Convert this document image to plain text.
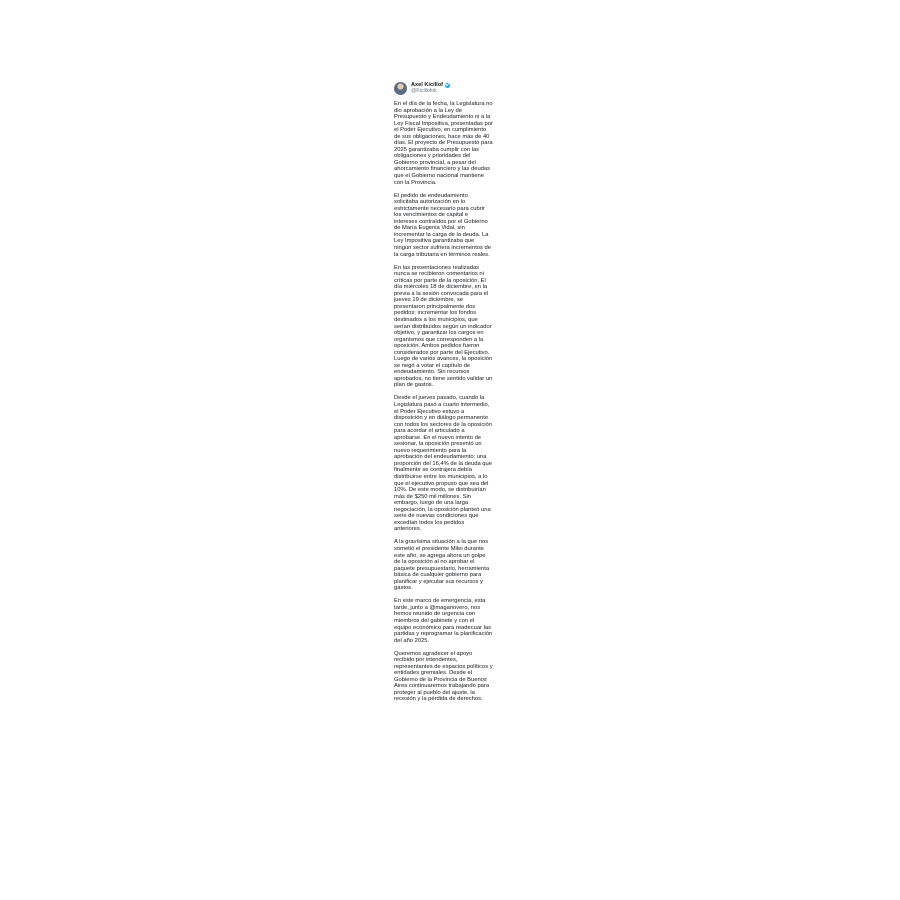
Axel Kicillof
@Kicillofok

En el día de la fecha, la Legislatura no
dio aprobación a la Ley de
Presupuesto y Endeudamiento ni a la
Ley Fiscal Impositiva, presentadas por
el Poder Ejecutivo, en cumplimiento
de sus obligaciones, hace más de 40
días. El proyecto de Presupuesto para
2025 garantizaba cumplir con las
obligaciones y prioridades del
Gobierno provincial, a pesar del
ahorcamiento financiero y las deudas
que el Gobierno nacional mantiene
con la Provincia.

El pedido de endeudamiento
solicitaba autorización en lo
estrictamente necesario para cubrir
los vencimientos de capital e
intereses contraídos por el Gobierno
de María Eugenia Vidal, sin
incrementar la carga de la deuda. La
Ley Impositiva garantizaba que
ningún sector sufriera incrementos de
la carga tributaria en términos reales.

En las presentaciones realizadas
nunca se recibieron comentarios ni
críticas por parte de la oposición. El
día miércoles 18 de diciembre, en la
previa a la sesión convocada para el
jueves 19 de diciembre, se
presentaron principalmente dos
pedidos: incrementar los fondos
destinados a los municipios, que
serían distribuidos según un indicador
objetivo, y garantizar los cargos en
organismos que corresponden a la
oposición. Ambos pedidos fueron
considerados por parte del Ejecutivo.
Luego de varios avances, la oposición
se negó a votar el capítulo de
endeudamiento. Sin recursos
aprobados, no tiene sentido validar un
plan de gastos.

Desde el jueves pasado, cuando la
Legislatura pasó a cuarto intermedio,
el Poder Ejecutivo estuvo a
disposición y en diálogo permanente
con todos los sectores de la oposición
para acordar el articulado a
aprobarse. En el nuevo intento de
sesionar, la oposición presentó un
nuevo requerimiento para la
aprobación del endeudamiento: una
proporción del 16,4% de la deuda que
finalmente se contrajera debía
distribuirse entre los municipios, a lo
que el ejecutivo propuso que sea del
10%. De este modo, se distribuirían
más de $250 mil millones. Sin
embargo, luego de una larga
negociación, la oposición planteó una
serie de nuevas condiciones que
excedían todos los pedidos
anteriores.

A la gravísima situación a la que nos
sometió el presidente Milei durante
este año, se agrega ahora un golpe
de la oposición al no aprobar el
paquete presupuestario, herramienta
básica de cualquier gobierno para
planificar y ejecutar sus recursos y
gastos.

En este marco de emergencia, esta
tarde, junto a @maganovero, nos
hemos reunido de urgencia con
miembros del gabinete y con el
equipo económico para readecuar las
partidas y reprogramar la planificación
del año 2025.

Queremos agradecer el apoyo
recibido por intendentes,
representantes de espacios políticos y
entidades gremiales. Desde el
Gobierno de la Provincia de Buenos
Aires continuaremos trabajando para
proteger al pueblo del ajuste, la
recesión y la pérdida de derechos.
